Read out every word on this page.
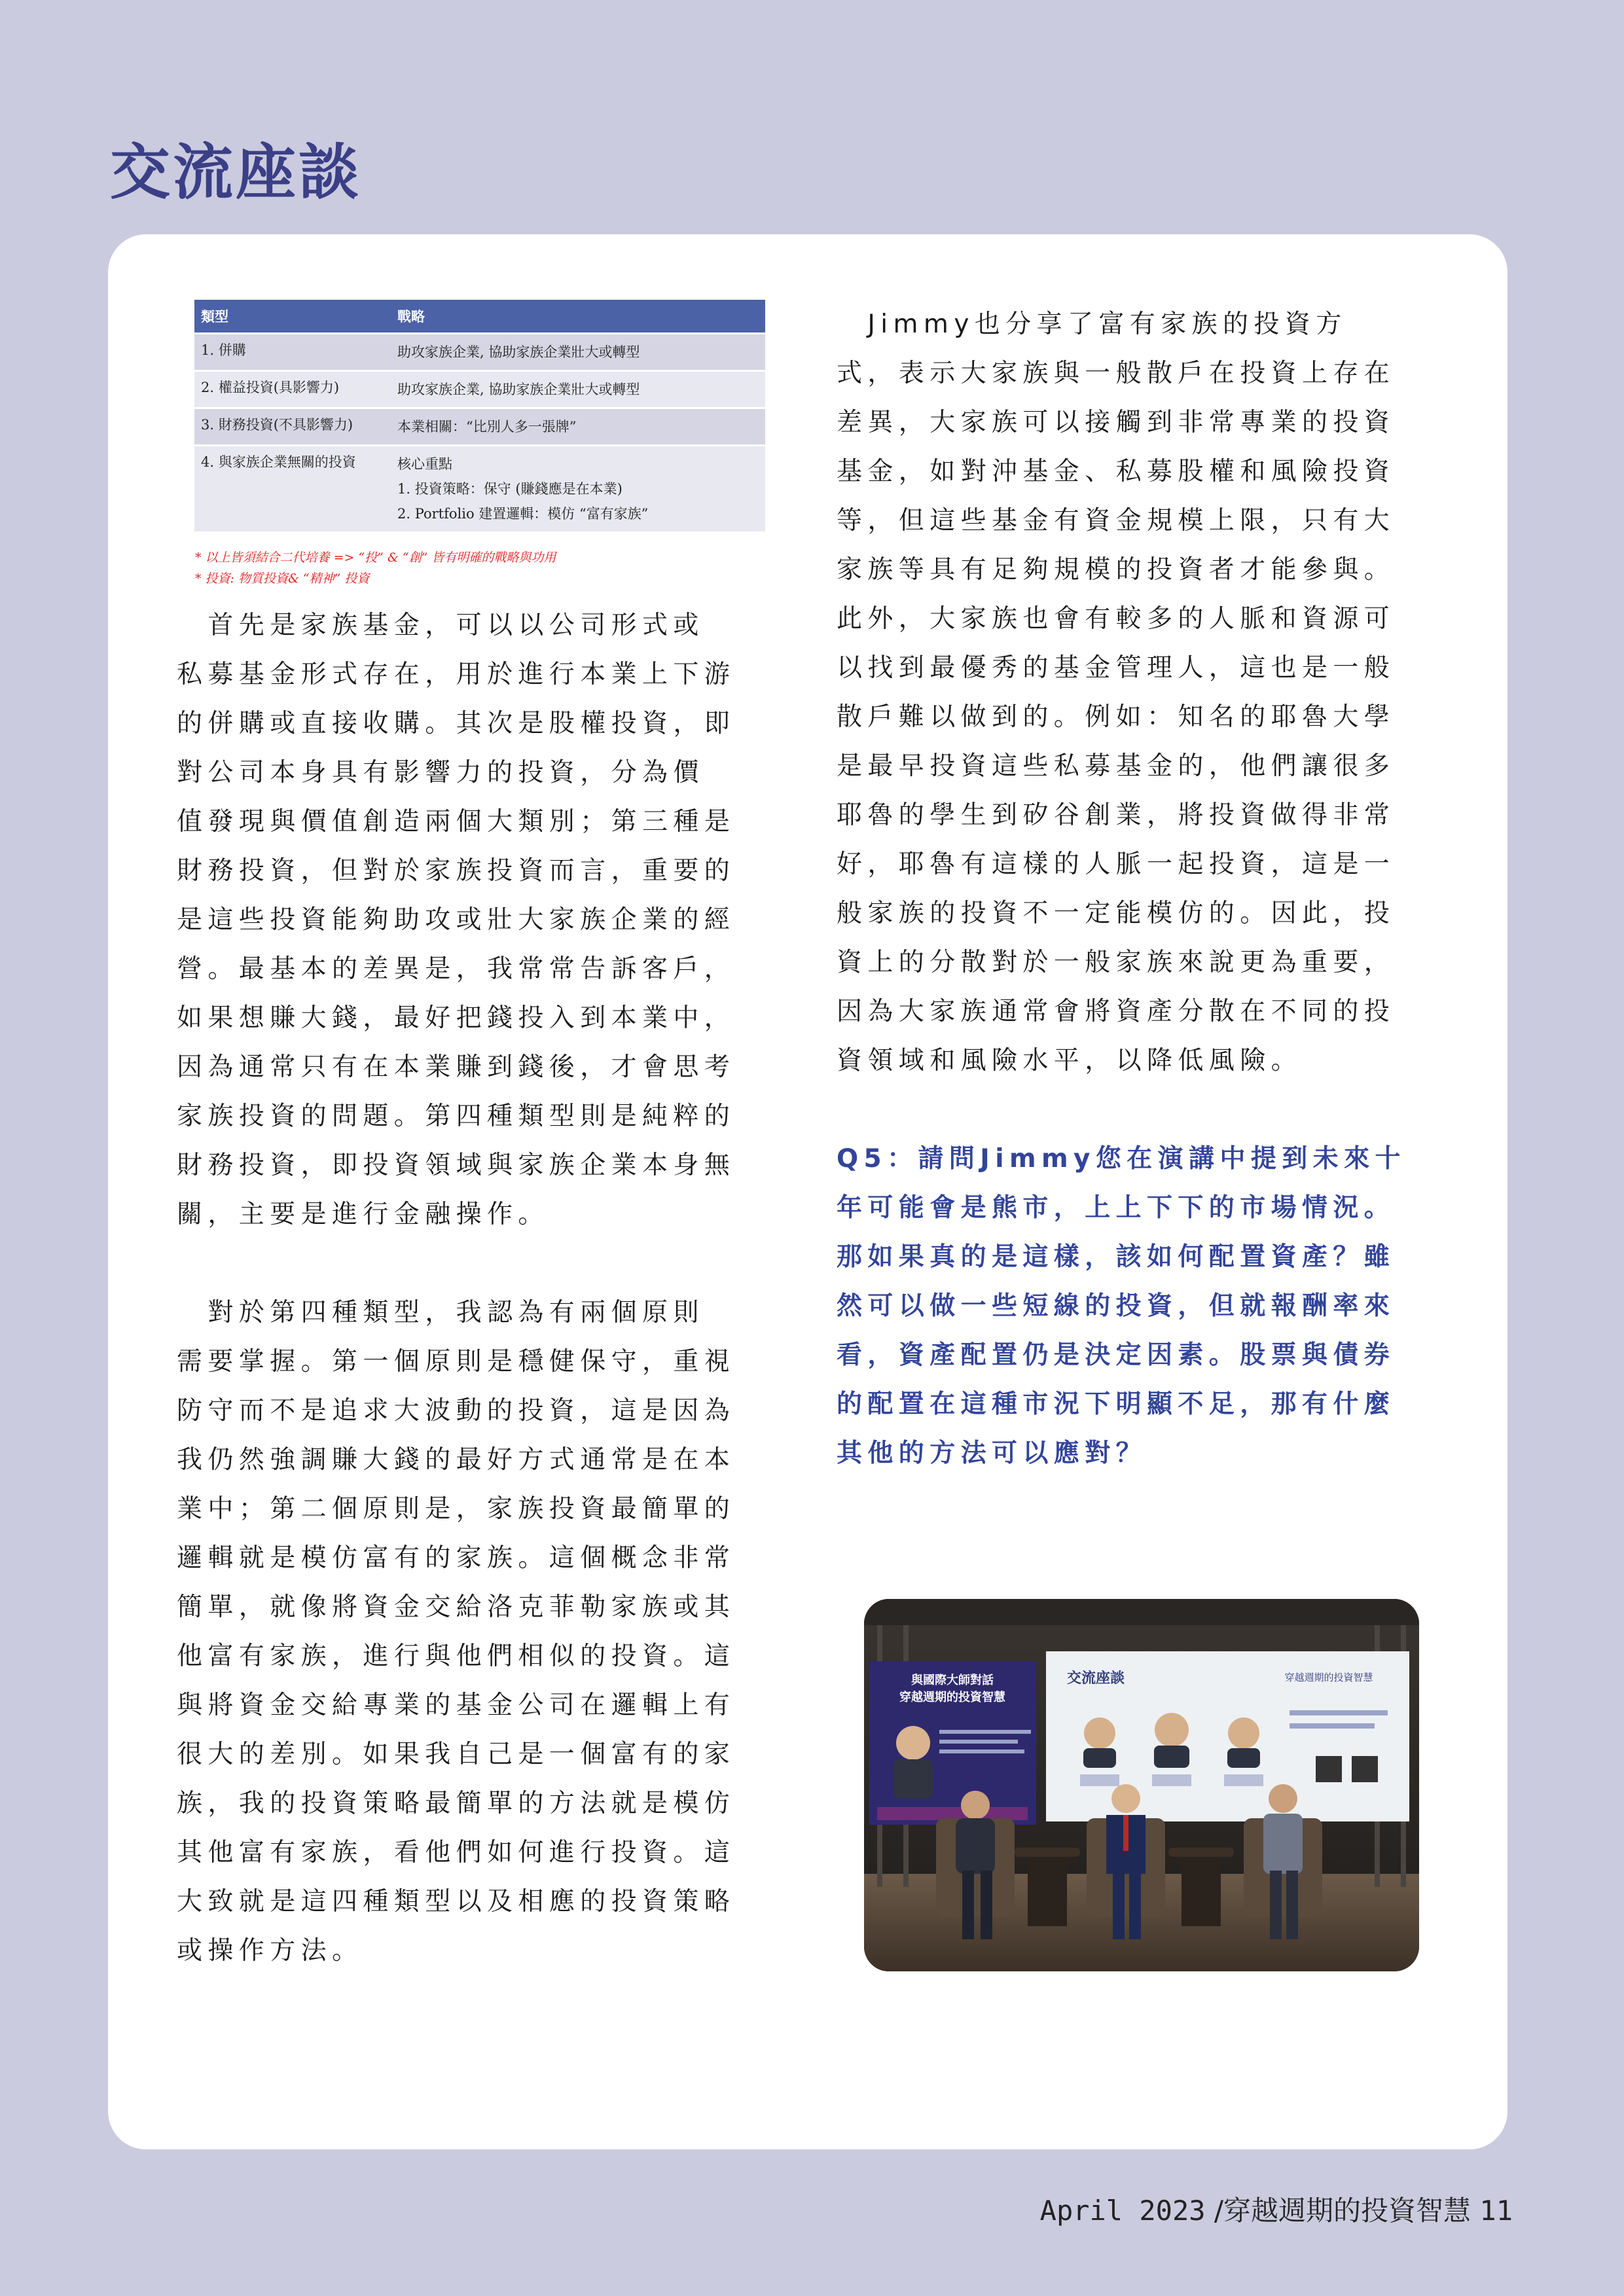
交流座談
類型	戰略
1. 併購	助攻家族企業, 協助家族企業壯大或轉型

2. 權益投資(具影響力)	助攻家族企業, 協助家族企業壯大或轉型

3. 財務投資(不具影響力)	本業相關：“比別人多一張牌”

4. 與家族企業無關的投資	核心重點
1. 投資策略：保守 (賺錢應是在本業)
2. Portfolio 建置邏輯：模仿 “富有家族”
* 以上皆須結合二代培養 => “投” & “創” 皆有明確的戰略與功用
* 投資: 物質投資& “精神” 投資

　首先是家族基金，可以以公司形式或
私募基金形式存在，用於進行本業上下游
的併購或直接收購。其次是股權投資，即
對公司本身具有影響力的投資，分為價
值發現與價值創造兩個大類別；第三種是
財務投資，但對於家族投資而言，重要的
是這些投資能夠助攻或壯大家族企業的經
營。最基本的差異是，我常常告訴客戶，
如果想賺大錢，最好把錢投入到本業中，
因為通常只有在本業賺到錢後，才會思考
家族投資的問題。第四種類型則是純粹的
財務投資，即投資領域與家族企業本身無
關，主要是進行金融操作。

　對於第四種類型，我認為有兩個原則
需要掌握。第一個原則是穩健保守，重視
防守而不是追求大波動的投資，這是因為
我仍然強調賺大錢的最好方式通常是在本
業中；第二個原則是，家族投資最簡單的
邏輯就是模仿富有的家族。這個概念非常
簡單，就像將資金交給洛克菲勒家族或其
他富有家族，進行與他們相似的投資。這
與將資金交給專業的基金公司在邏輯上有
很大的差別。如果我自己是一個富有的家
族，我的投資策略最簡單的方法就是模仿
其他富有家族，看他們如何進行投資。這
大致就是這四種類型以及相應的投資策略
或操作方法。

　Jimmy也分享了富有家族的投資方
式，表示大家族與一般散戶在投資上存在
差異，大家族可以接觸到非常專業的投資
基金，如對沖基金、私募股權和風險投資
等，但這些基金有資金規模上限，只有大
家族等具有足夠規模的投資者才能參與。
此外，大家族也會有較多的人脈和資源可
以找到最優秀的基金管理人，這也是一般
散戶難以做到的。例如：知名的耶魯大學
是最早投資這些私募基金的，他們讓很多
耶魯的學生到矽谷創業，將投資做得非常
好，耶魯有這樣的人脈一起投資，這是一
般家族的投資不一定能模仿的。因此，投
資上的分散對於一般家族來說更為重要，
因為大家族通常會將資產分散在不同的投
資領域和風險水平，以降低風險。

Q5：請問Jimmy您在演講中提到未來十
年可能會是熊市，上上下下的市場情況。
那如果真的是這樣，該如何配置資產？雖
然可以做一些短線的投資，但就報酬率來
看，資產配置仍是決定因素。股票與債券
的配置在這種市況下明顯不足，那有什麼
其他的方法可以應對？

與國際大師對話
穿越週期的投資智慧
交流座談	穿越週期的投資智慧
April 2023 /穿越週期的投資智慧 11
